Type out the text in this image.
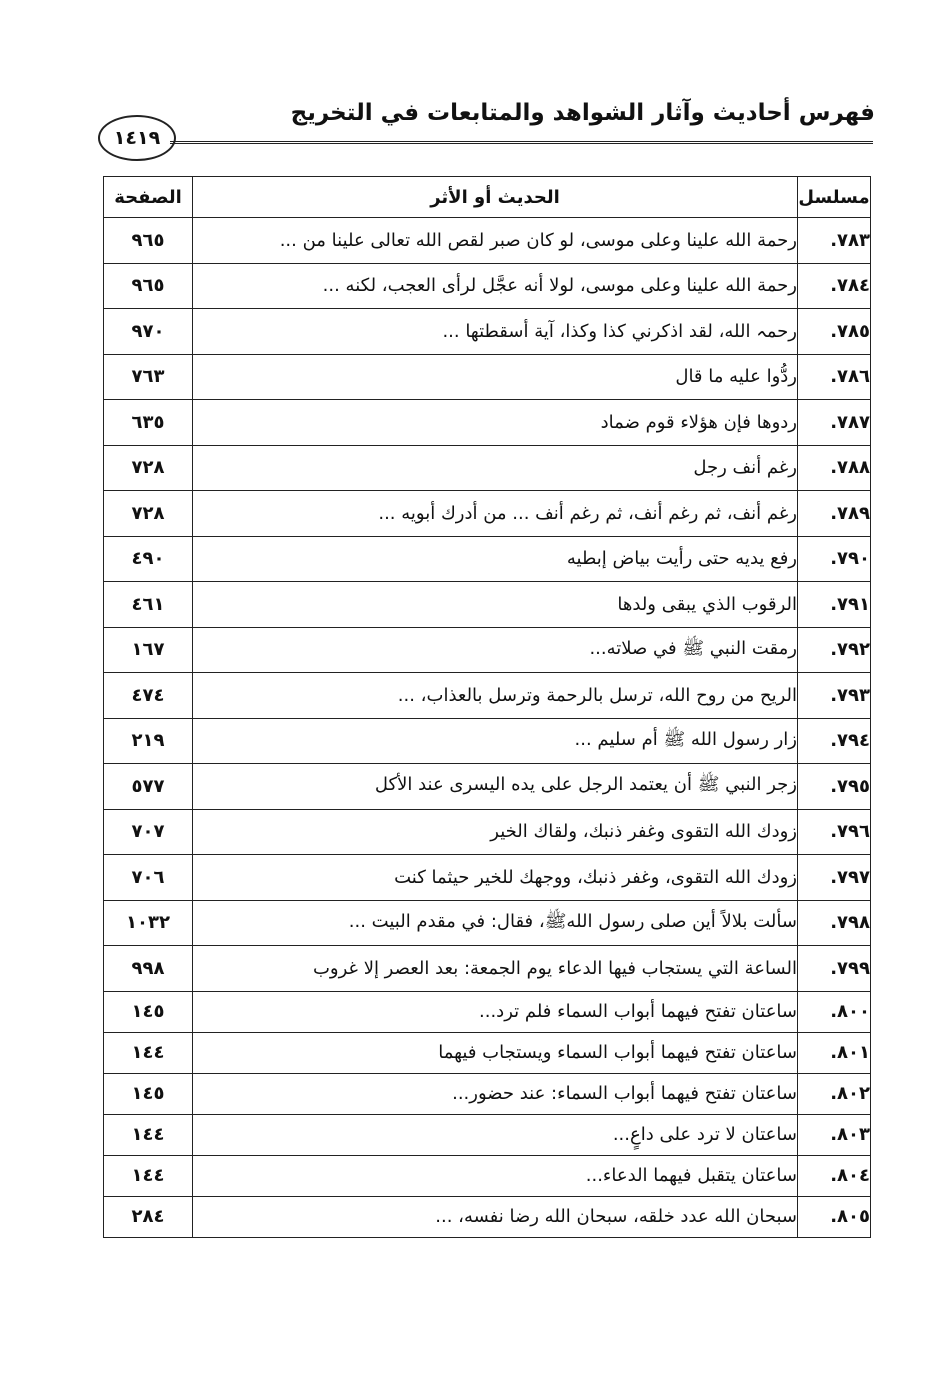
فهرس أحاديث وآثار الشواهد والمتابعات في التخريج
١٤١٩
مسلسل	الحديث أو الأثر	الصفحة
٧٨٣.	رحمة الله علينا وعلى موسى، لو كان صبر لقص الله تعالى علينا من ...	٩٦٥
٧٨٤.	رحمة الله علينا وعلى موسى، لولا أنه عجَّل لرأى العجب، لكنه ...	٩٦٥
٧٨٥.	رحمہ الله، لقد اذكرني كذا وكذا، آية أسقطتها ...	٩٧٠
٧٨٦.	ردُّوا عليه ما قال	٧٦٣
٧٨٧.	ردوها فإن هؤلاء قوم ضماد	٦٣٥
٧٨٨.	رغم أنف رجل	٧٢٨
٧٨٩.	رغم أنف، ثم رغم أنف، ثم رغم أنف ... من أدرك أبويه ...	٧٢٨
٧٩٠.	رفع يديه حتى رأيت بياض إبطيه	٤٩٠
٧٩١.	الرقوب الذي يبقى ولدها	٤٦١
٧٩٢.	رمقت النبي ﷺ في صلاته...	١٦٧
٧٩٣.	الريح من روح الله، ترسل بالرحمة وترسل بالعذاب، ...	٤٧٤
٧٩٤.	زار رسول الله ﷺ أم سليم ...	٢١٩
٧٩٥.	زجر النبي ﷺ أن يعتمد الرجل على يده اليسرى عند الأكل	٥٧٧
٧٩٦.	زودك الله التقوى وغفر ذنبك، ولقاك الخير	٧٠٧
٧٩٧.	زودك الله التقوى، وغفر ذنبك، ووجهك للخير حيثما كنت	٧٠٦
٧٩٨.	سألت بلالاً أين صلى رسول اللهﷺ، فقال: في مقدم البيت ...	١٠٣٢
٧٩٩.	الساعة التي يستجاب فيها الدعاء يوم الجمعة: بعد العصر إلا غروب	٩٩٨
٨٠٠.	ساعتان تفتح فيهما أبواب السماء فلم ترد...	١٤٥
٨٠١.	ساعتان تفتح فيهما أبواب السماء ويستجاب فيهما	١٤٤
٨٠٢.	ساعتان تفتح فيهما أبواب السماء: عند حضور...	١٤٥
٨٠٣.	ساعتان لا ترد على داعٍ...	١٤٤
٨٠٤.	ساعتان يتقبل فيهما الدعاء...	١٤٤
٨٠٥.	سبحان الله عدد خلقه، سبحان الله رضا نفسه، ...	٢٨٤
